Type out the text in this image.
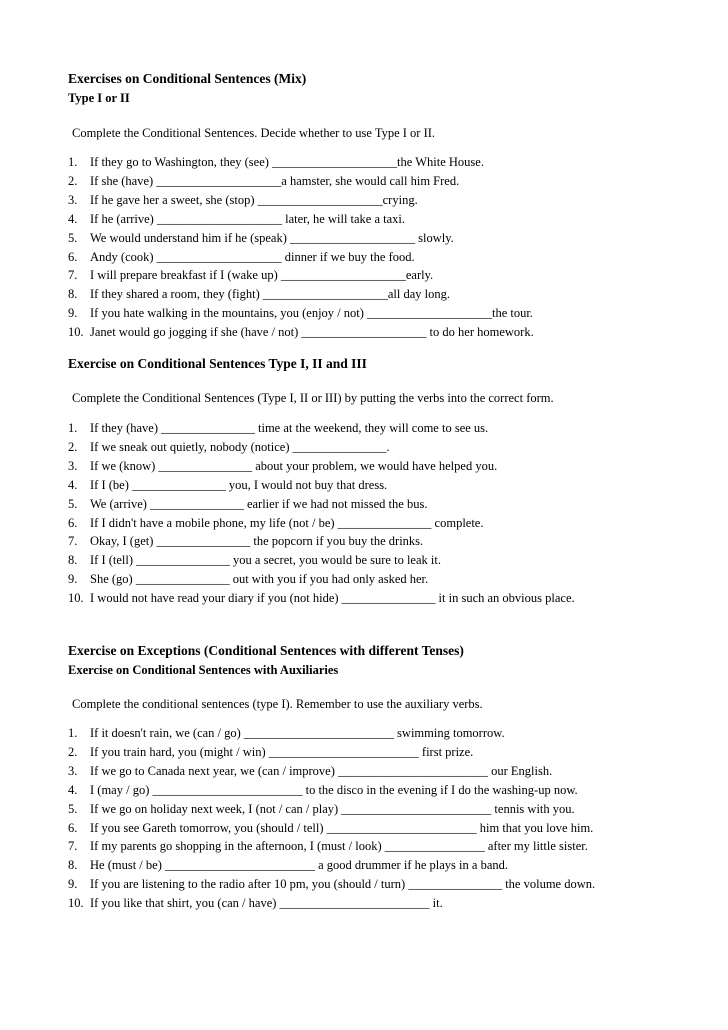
Exercises on Conditional Sentences (Mix)
Type I or II
Complete the Conditional Sentences. Decide whether to use Type I or II.
1.	If they go to Washington, they (see) ____________________the White House.
2.	If she (have) ____________________a hamster, she would call him Fred.
3.	If he gave her a sweet, she (stop) ____________________crying.
4.	If he (arrive) ____________________ later, he will take a taxi.
5.	We would understand him if he (speak) ____________________ slowly.
6.	Andy (cook) ____________________ dinner if we buy the food.
7.	I will prepare breakfast if I (wake up) ____________________early.
8.	If they shared a room, they (fight) ____________________all day long.
9.	If you hate walking in the mountains, you (enjoy / not) ____________________the tour.
10. Janet would go jogging if she (have / not) ____________________ to do her homework.
Exercise on Conditional Sentences Type I, II and III
Complete the Conditional Sentences (Type I, II or III) by putting the verbs into the correct form.
1.	If they (have) _______________ time at the weekend, they will come to see us.
2.	If we sneak out quietly, nobody (notice) _______________.
3.	If we (know) _______________ about your problem, we would have helped you.
4.	If I (be) _______________ you, I would not buy that dress.
5.	We (arrive) _______________ earlier if we had not missed the bus.
6.	If I didn't have a mobile phone, my life (not / be) _______________ complete.
7.	Okay, I (get) _______________ the popcorn if you buy the drinks.
8.	If I (tell) _______________ you a secret, you would be sure to leak it.
9.	She (go) _______________ out with you if you had only asked her.
10. I would not have read your diary if you (not hide) _______________ it in such an obvious place.
Exercise on Exceptions (Conditional Sentences with different Tenses)
Exercise on Conditional Sentences with Auxiliaries
Complete the conditional sentences (type I). Remember to use the auxiliary verbs.
1.	If it doesn't rain, we (can / go) ________________________ swimming tomorrow.
2.	If you train hard, you (might / win) ________________________ first prize.
3.	If we go to Canada next year, we (can / improve) ________________________ our English.
4.	I (may / go) ________________________ to the disco in the evening if I do the washing-up now.
5.	If we go on holiday next week, I (not / can / play) ________________________ tennis with you.
6.	If you see Gareth tomorrow, you (should / tell) ________________________ him that you love him.
7.	If my parents go shopping in the afternoon, I (must / look) ________________ after my little sister.
8.	He (must / be) ________________________ a good drummer if he plays in a band.
9.	If you are listening to the radio after 10 pm, you (should / turn) _______________ the volume down.
10. If you like that shirt, you (can / have) ________________________ it.
